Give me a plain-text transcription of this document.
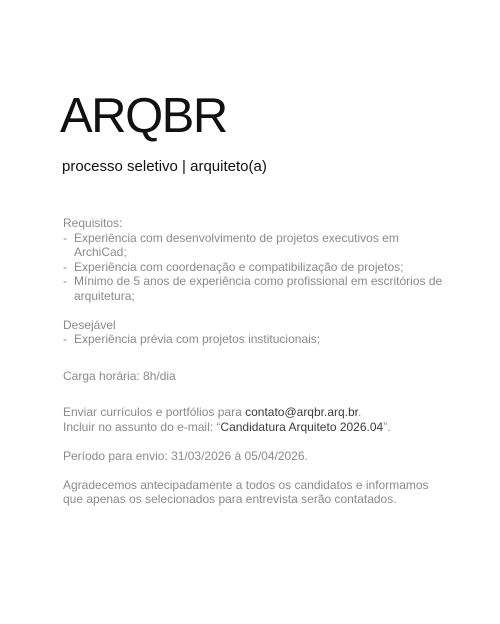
ARQBR
processo seletivo | arquiteto(a)
Requisitos:
- Experiência com desenvolvimento de projetos executivos em ArchiCad;
- Experiência com coordenação e compatibilização de projetos;
- Mínimo de 5 anos de experiência como profissional em escritórios de arquitetura;
Desejável
- Experiência prévia com projetos institucionais;
Carga horária: 8h/dia
Enviar currículos e portfólios para contato@arqbr.arq.br.
Incluir no assunto do e-mail: “Candidatura Arquiteto 2026.04”.
Período para envio: 31/03/2026 à 05/04/2026.
Agradecemos antecipadamente a todos os candidatos e informamos que apenas os selecionados para entrevista serão contatados.
